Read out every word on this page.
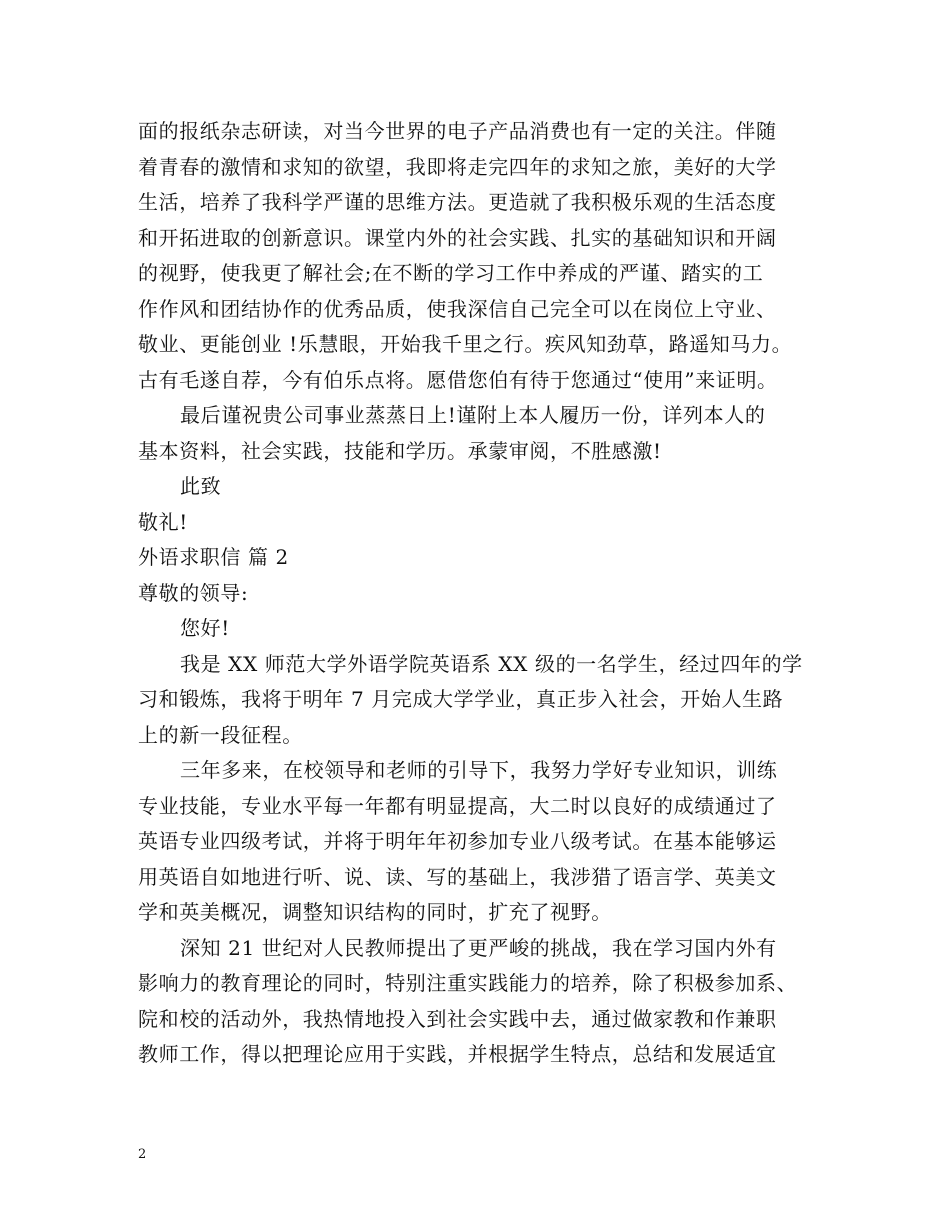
面的报纸杂志研读，对当今世界的电子产品消费也有一定的关注。伴随
着青春的激情和求知的欲望，我即将走完四年的求知之旅，美好的大学
生活，培养了我科学严谨的思维方法。更造就了我积极乐观的生活态度
和开拓进取的创新意识。课堂内外的社会实践、扎实的基础知识和开阔
的视野，使我更了解社会;在不断的学习工作中养成的严谨、踏实的工
作作风和团结协作的优秀品质，使我深信自己完全可以在岗位上守业、
敬业、更能创业 !乐慧眼，开始我千里之行。疾风知劲草，路遥知马力。
古有毛遂自荐，今有伯乐点将。愿借您伯有待于您通过“使用”来证明。
最后谨祝贵公司事业蒸蒸日上!谨附上本人履历一份，详列本人的
基本资料，社会实践，技能和学历。承蒙审阅，不胜感激!
此致
敬礼!
外语求职信 篇 2
尊敬的领导:
您好!
我是 XX 师范大学外语学院英语系 XX 级的一名学生，经过四年的学
习和锻炼，我将于明年 7 月完成大学学业，真正步入社会，开始人生路
上的新一段征程。
三年多来，在校领导和老师的引导下，我努力学好专业知识，训练
专业技能，专业水平每一年都有明显提高，大二时以良好的成绩通过了
英语专业四级考试，并将于明年年初参加专业八级考试。在基本能够运
用英语自如地进行听、说、读、写的基础上，我涉猎了语言学、英美文
学和英美概况，调整知识结构的同时，扩充了视野。
深知 21 世纪对人民教师提出了更严峻的挑战，我在学习国内外有
影响力的教育理论的同时，特别注重实践能力的培养，除了积极参加系、
院和校的活动外，我热情地投入到社会实践中去，通过做家教和作兼职
教师工作，得以把理论应用于实践，并根据学生特点，总结和发展适宜
2
